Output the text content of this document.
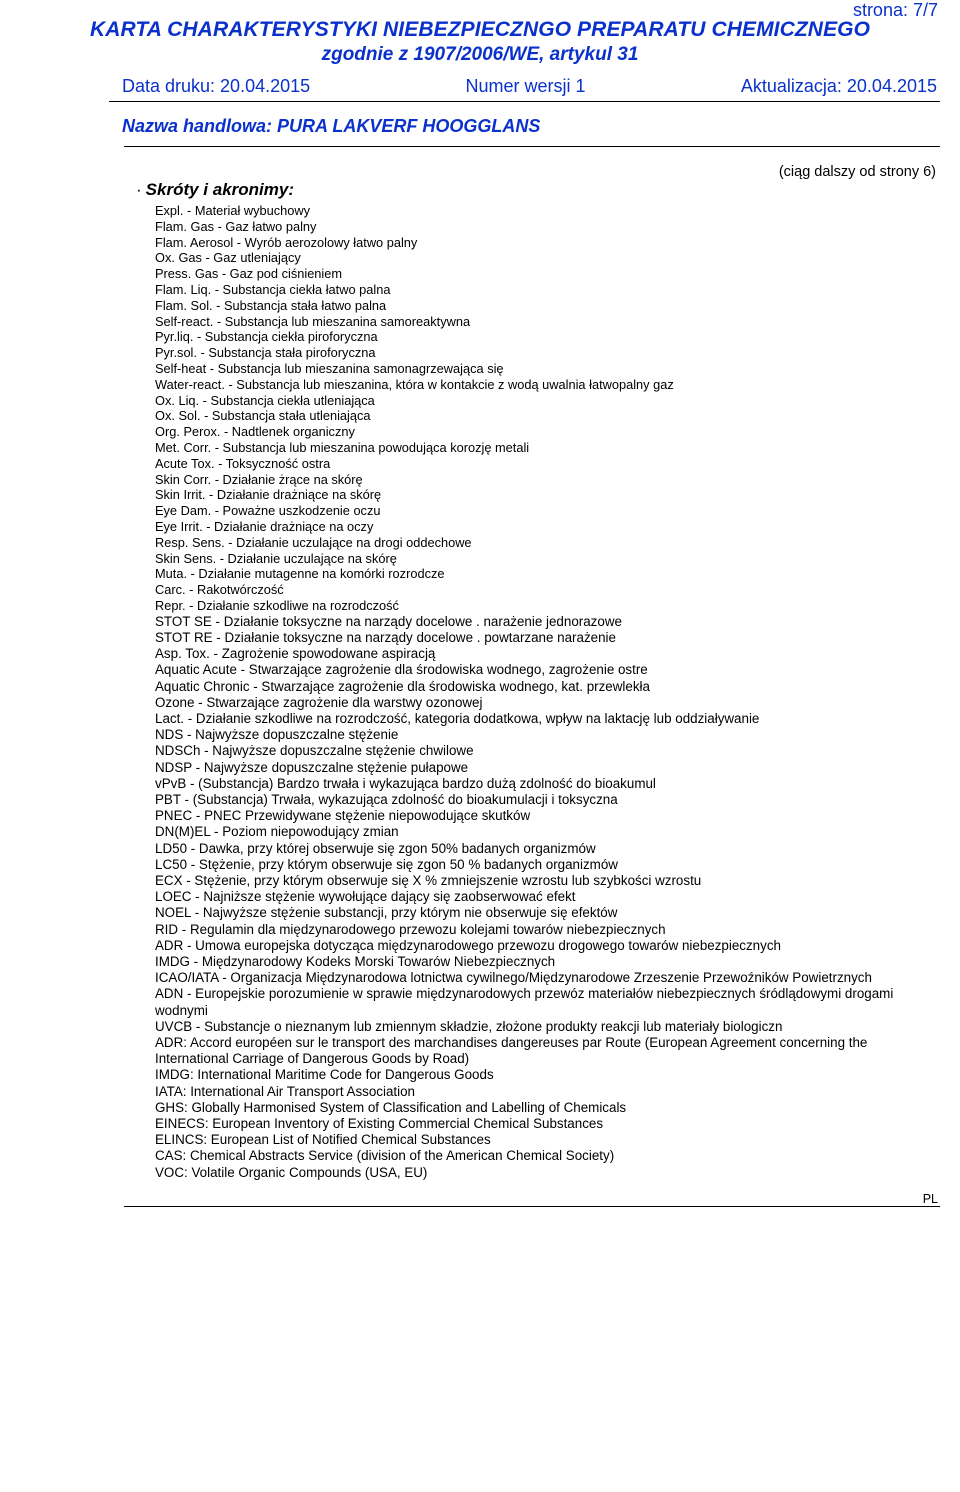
strona: 7/7
KARTA CHARAKTERYSTYKI NIEBEZPIECZNGO PREPARATU CHEMICZNEGO
zgodnie z 1907/2006/WE, artykul 31
Data druku: 20.04.2015	Numer wersji 1	Aktualizacja: 20.04.2015
Nazwa handlowa: PURA LAKVERF HOOGGLANS
(ciąg dalszy od strony 6)
· Skróty i akronimy:
Expl. - Materiał wybuchowy
Flam. Gas - Gaz łatwo palny
Flam. Aerosol - Wyrób aerozolowy łatwo palny
Ox. Gas - Gaz utleniający
Press. Gas - Gaz pod ciśnieniem
Flam. Liq. - Substancja ciekła łatwo palna
Flam. Sol. - Substancja stała łatwo palna
Self-react. - Substancja lub mieszanina samoreaktywna
Pyr.liq. - Substancja ciekła piroforyczna
Pyr.sol. - Substancja stała piroforyczna
Self-heat - Substancja lub mieszanina samonagrzewająca się
Water-react. - Substancja lub mieszanina, która w kontakcie z wodą uwalnia łatwopalny gaz
Ox. Liq. - Substancja ciekła utleniająca
Ox. Sol. - Substancja stała utleniająca
Org. Perox. - Nadtlenek organiczny
Met. Corr. - Substancja lub mieszanina powodująca korozję metali
Acute Tox. - Toksyczność ostra
Skin Corr. - Działanie żrące na skórę
Skin Irrit. - Działanie drażniące na skórę
Eye Dam. - Poważne uszkodzenie oczu
Eye Irrit. - Działanie drażniące na oczy
Resp. Sens. - Działanie uczulające na drogi oddechowe
Skin Sens. - Działanie uczulające na skórę
Muta. - Działanie mutagenne na komórki rozrodcze
Carc. - Rakotwórczość
Repr. - Działanie szkodliwe na rozrodczość
STOT SE - Działanie toksyczne na narządy docelowe . narażenie jednorazowe
STOT RE - Działanie toksyczne na narządy docelowe . powtarzane narażenie
Asp. Tox. - Zagrożenie spowodowane aspiracją
Aquatic Acute - Stwarzające zagrożenie dla środowiska wodnego, zagrożenie ostre
Aquatic Chronic - Stwarzające zagrożenie dla środowiska wodnego, kat. przewlekła
Ozone - Stwarzające zagrożenie dla warstwy ozonowej
Lact. - Działanie szkodliwe na rozrodczość, kategoria dodatkowa, wpływ na laktację lub oddziaływanie
NDS - Najwyższe dopuszczalne stężenie
NDSCh - Najwyższe dopuszczalne stężenie chwilowe
NDSP - Najwyższe dopuszczalne stężenie pułapowe
vPvB - (Substancja) Bardzo trwała i wykazująca bardzo dużą zdolność do bioakumul
PBT - (Substancja) Trwała, wykazująca zdolność do bioakumulacji i toksyczna
PNEC - PNEC Przewidywane stężenie niepowodujące skutków
DN(M)EL - Poziom niepowodujący zmian
LD50 - Dawka, przy której obserwuje się zgon 50% badanych organizmów
LC50 - Stężenie, przy którym obserwuje się zgon 50 % badanych organizmów
ECX - Stężenie, przy którym obserwuje się X % zmniejszenie wzrostu lub szybkości wzrostu
LOEC - Najniższe stężenie wywołujące dający się zaobserwować efekt
NOEL - Najwyższe stężenie substancji, przy którym nie obserwuje się efektów
RID - Regulamin dla międzynarodowego przewozu kolejami towarów niebezpiecznych
ADR - Umowa europejska dotycząca międzynarodowego przewozu drogowego towarów niebezpiecznych
IMDG - Międzynarodowy Kodeks Morski Towarów Niebezpiecznych
ICAO/IATA - Organizacja Międzynarodowa lotnictwa cywilnego/Międzynarodowe Zrzeszenie Przewoźników Powietrznych
ADN - Europejskie porozumienie w sprawie międzynarodowych przewóz materiałów niebezpiecznych śródlądowymi drogami wodnymi
UVCB - Substancje o nieznanym lub zmiennym składzie, złożone produkty reakcji lub materiały biologiczn
ADR: Accord européen sur le transport des marchandises dangereuses par Route (European Agreement concerning the International Carriage of Dangerous Goods by Road)
IMDG: International Maritime Code for Dangerous Goods
IATA: International Air Transport Association
GHS: Globally Harmonised System of Classification and Labelling of Chemicals
EINECS: European Inventory of Existing Commercial Chemical Substances
ELINCS: European List of Notified Chemical Substances
CAS: Chemical Abstracts Service (division of the American Chemical Society)
VOC: Volatile Organic Compounds (USA, EU)
PL
